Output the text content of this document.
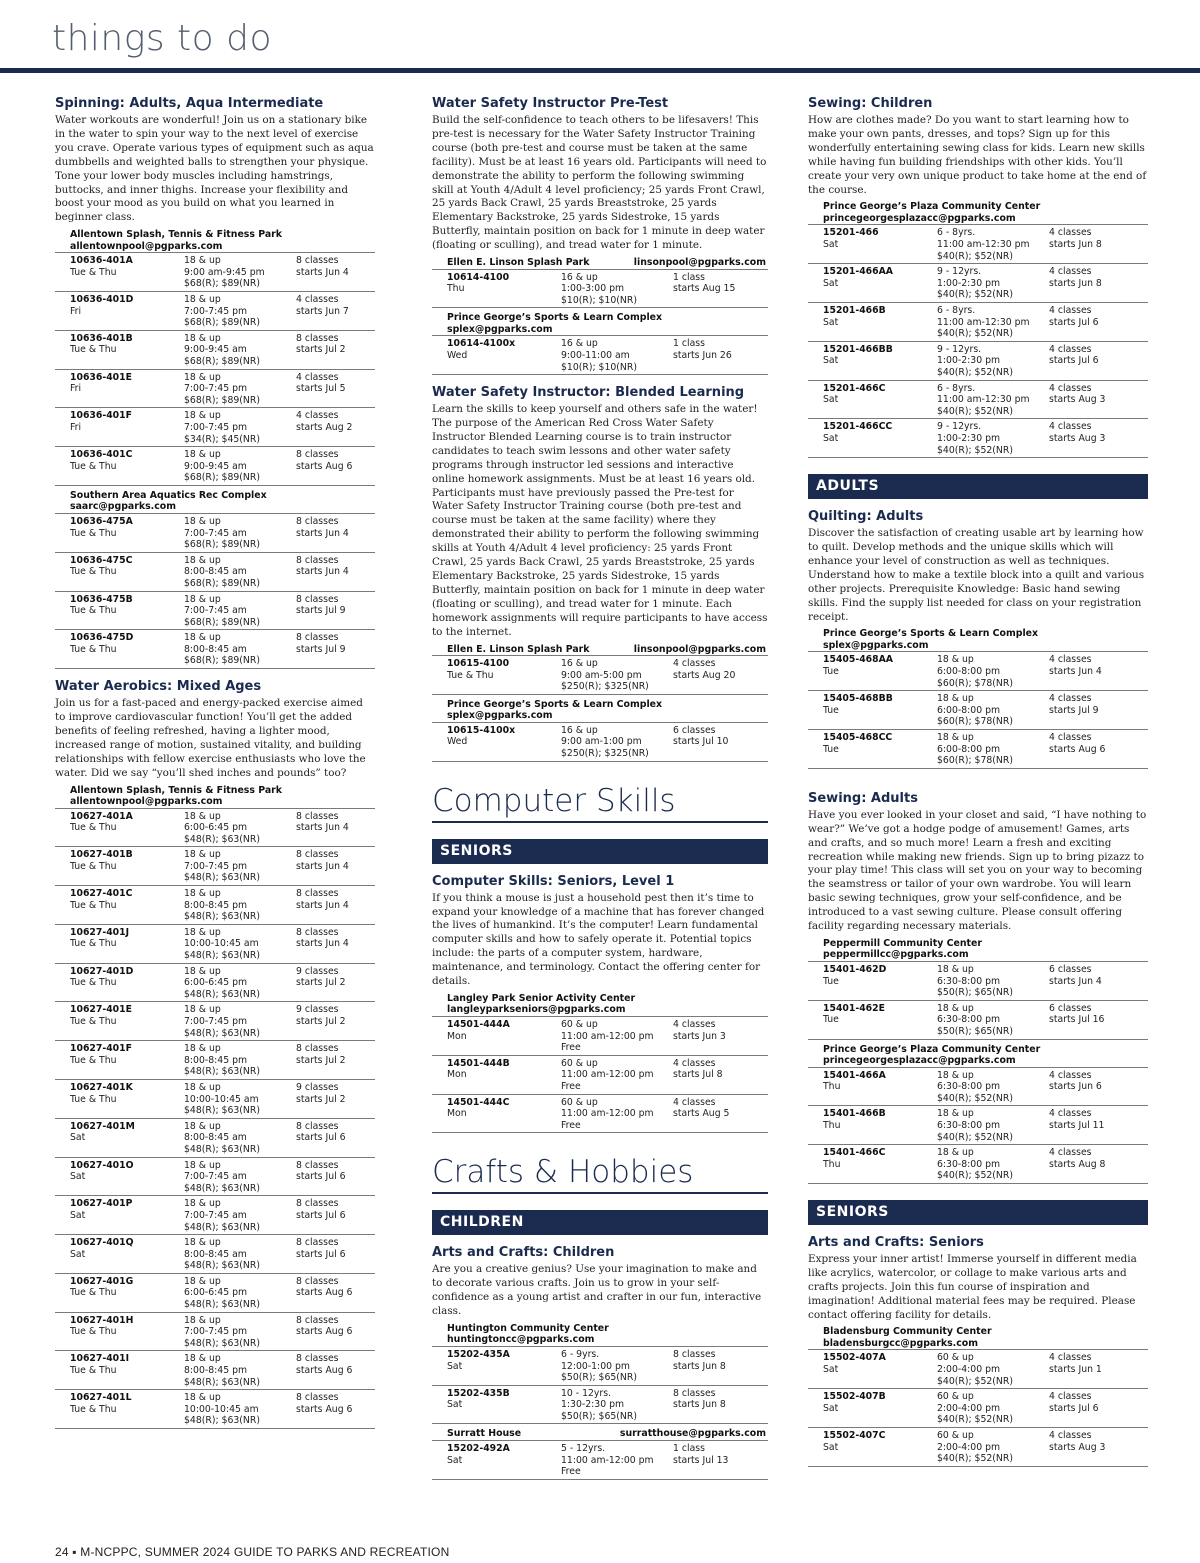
things to do
Spinning: Adults, Aqua Intermediate
Water workouts are wonderful! Join us on a stationary bike in the water to spin your way to the next level of exercise you crave. Operate various types of equipment such as aqua dumbbells and weighted balls to strengthen your physique. Tone your lower body muscles including hamstrings, buttocks, and inner thighs. Increase your flexibility and boost your mood as you build on what you learned in beginner class.
Allentown Splash, Tennis & Fitness Park
allentownpool@pgparks.com
10636-401A	18 & up	8 classes
Tue & Thu	9:00 am-9:45 pm	starts Jun 4
$68(R); $89(NR)
10636-401D	18 & up	4 classes
Fri	7:00-7:45 pm	starts Jun 7
$68(R); $89(NR)
10636-401B	18 & up	8 classes
Tue & Thu	9:00-9:45 am	starts Jul 2
$68(R); $89(NR)
10636-401E	18 & up	4 classes
Fri	7:00-7:45 pm	starts Jul 5
$68(R); $89(NR)
10636-401F	18 & up	4 classes
Fri	7:00-7:45 pm	starts Aug 2
$34(R); $45(NR)
10636-401C	18 & up	8 classes
Tue & Thu	9:00-9:45 am	starts Aug 6
$68(R); $89(NR)
Southern Area Aquatics Rec Complex
saarc@pgparks.com
10636-475A	18 & up	8 classes
Tue & Thu	7:00-7:45 am	starts Jun 4
$68(R); $89(NR)
10636-475C	18 & up	8 classes
Tue & Thu	8:00-8:45 am	starts Jun 4
$68(R); $89(NR)
10636-475B	18 & up	8 classes
Tue & Thu	7:00-7:45 am	starts Jul 9
$68(R); $89(NR)
10636-475D	18 & up	8 classes
Tue & Thu	8:00-8:45 am	starts Jul 9
$68(R); $89(NR)
Water Aerobics: Mixed Ages
Join us for a fast-paced and energy-packed exercise aimed to improve cardiovascular function! You’ll get the added benefits of feeling refreshed, having a lighter mood, increased range of motion, sustained vitality, and building relationships with fellow exercise enthusiasts who love the water. Did we say “you’ll shed inches and pounds” too?
Allentown Splash, Tennis & Fitness Park
allentownpool@pgparks.com
10627-401A	18 & up	8 classes
Tue & Thu	6:00-6:45 pm	starts Jun 4
$48(R); $63(NR)
10627-401B	18 & up	8 classes
Tue & Thu	7:00-7:45 pm	starts Jun 4
$48(R); $63(NR)
10627-401C	18 & up	8 classes
Tue & Thu	8:00-8:45 pm	starts Jun 4
$48(R); $63(NR)
10627-401J	18 & up	8 classes
Tue & Thu	10:00-10:45 am	starts Jun 4
$48(R); $63(NR)
10627-401D	18 & up	9 classes
Tue & Thu	6:00-6:45 pm	starts Jul 2
$48(R); $63(NR)
10627-401E	18 & up	9 classes
Tue & Thu	7:00-7:45 pm	starts Jul 2
$48(R); $63(NR)
10627-401F	18 & up	8 classes
Tue & Thu	8:00-8:45 pm	starts Jul 2
$48(R); $63(NR)
10627-401K	18 & up	9 classes
Tue & Thu	10:00-10:45 am	starts Jul 2
$48(R); $63(NR)
10627-401M	18 & up	8 classes
Sat	8:00-8:45 am	starts Jul 6
$48(R); $63(NR)
10627-401O	18 & up	8 classes
Sat	7:00-7:45 am	starts Jul 6
$48(R); $63(NR)
10627-401P	18 & up	8 classes
Sat	7:00-7:45 am	starts Jul 6
$48(R); $63(NR)
10627-401Q	18 & up	8 classes
Sat	8:00-8:45 am	starts Jul 6
$48(R); $63(NR)
10627-401G	18 & up	8 classes
Tue & Thu	6:00-6:45 pm	starts Aug 6
$48(R); $63(NR)
10627-401H	18 & up	8 classes
Tue & Thu	7:00-7:45 pm	starts Aug 6
$48(R); $63(NR)
10627-401I	18 & up	8 classes
Tue & Thu	8:00-8:45 pm	starts Aug 6
$48(R); $63(NR)
10627-401L	18 & up	8 classes
Tue & Thu	10:00-10:45 am	starts Aug 6
$48(R); $63(NR)
Water Safety Instructor Pre-Test
Build the self-confidence to teach others to be lifesavers! This pre-test is necessary for the Water Safety Instructor Training course (both pre-test and course must be taken at the same facility). Must be at least 16 years old. Participants will need to demonstrate the ability to perform the following swimming skill at Youth 4/Adult 4 level proficiency; 25 yards Front Crawl, 25 yards Back Crawl, 25 yards Breaststroke, 25 yards Elementary Backstroke, 25 yards Sidestroke, 15 yards Butterfly, maintain position on back for 1 minute in deep water (floating or sculling), and tread water for 1 minute.
Ellen E. Linson Splash Park	linsonpool@pgparks.com
10614-4100	16 & up	1 class
Thu	1:00-3:00 pm	starts Aug 15
$10(R); $10(NR)
Prince George’s Sports & Learn Complex
splex@pgparks.com
10614-4100x	16 & up	1 class
Wed	9:00-11:00 am	starts Jun 26
$10(R); $10(NR)
Water Safety Instructor: Blended Learning
Learn the skills to keep yourself and others safe in the water! The purpose of the American Red Cross Water Safety Instructor Blended Learning course is to train instructor candidates to teach swim lessons and other water safety programs through instructor led sessions and interactive online homework assignments. Must be at least 16 years old. Participants must have previously passed the Pre-test for Water Safety Instructor Training course (both pre-test and course must be taken at the same facility) where they demonstrated their ability to perform the following swimming skills at Youth 4/Adult 4 level proficiency: 25 yards Front Crawl, 25 yards Back Crawl, 25 yards Breaststroke, 25 yards Elementary Backstroke, 25 yards Sidestroke, 15 yards Butterfly, maintain position on back for 1 minute in deep water (floating or sculling), and tread water for 1 minute. Each homework assignments will require participants to have access to the internet.
Ellen E. Linson Splash Park	linsonpool@pgparks.com
10615-4100	16 & up	4 classes
Tue & Thu	9:00 am-5:00 pm	starts Aug 20
$250(R); $325(NR)
Prince George’s Sports & Learn Complex
splex@pgparks.com
10615-4100x	16 & up	6 classes
Wed	9:00 am-1:00 pm	starts Jul 10
$250(R); $325(NR)
Computer Skills
SENIORS
Computer Skills: Seniors, Level 1
If you think a mouse is just a household pest then it’s time to expand your knowledge of a machine that has forever changed the lives of humankind. It’s the computer! Learn fundamental computer skills and how to safely operate it. Potential topics include: the parts of a computer system, hardware, maintenance, and terminology. Contact the offering center for details.
Langley Park Senior Activity Center
langleyparkseniors@pgparks.com
14501-444A	60 & up	4 classes
Mon	11:00 am-12:00 pm	starts Jun 3
Free
14501-444B	60 & up	4 classes
Mon	11:00 am-12:00 pm	starts Jul 8
Free
14501-444C	60 & up	4 classes
Mon	11:00 am-12:00 pm	starts Aug 5
Free
Crafts & Hobbies
CHILDREN
Arts and Crafts: Children
Are you a creative genius? Use your imagination to make and to decorate various crafts. Join us to grow in your self-confidence as a young artist and crafter in our fun, interactive class.
Huntington Community Center
huntingtoncc@pgparks.com
15202-435A	6 - 9yrs.	8 classes
Sat	12:00-1:00 pm	starts Jun 8
$50(R); $65(NR)
15202-435B	10 - 12yrs.	8 classes
Sat	1:30-2:30 pm	starts Jun 8
$50(R); $65(NR)
Surratt House	surratthouse@pgparks.com
15202-492A	5 - 12yrs.	1 class
Sat	11:00 am-12:00 pm	starts Jul 13
Free
Sewing: Children
How are clothes made? Do you want to start learning how to make your own pants, dresses, and tops? Sign up for this wonderfully entertaining sewing class for kids. Learn new skills while having fun building friendships with other kids. You’ll create your very own unique product to take home at the end of the course.
Prince George’s Plaza Community Center
princegeorgesplazacc@pgparks.com
15201-466	6 - 8yrs.	4 classes
Sat	11:00 am-12:30 pm	starts Jun 8
$40(R); $52(NR)
15201-466AA	9 - 12yrs.	4 classes
Sat	1:00-2:30 pm	starts Jun 8
$40(R); $52(NR)
15201-466B	6 - 8yrs.	4 classes
Sat	11:00 am-12:30 pm	starts Jul 6
$40(R); $52(NR)
15201-466BB	9 - 12yrs.	4 classes
Sat	1:00-2:30 pm	starts Jul 6
$40(R); $52(NR)
15201-466C	6 - 8yrs.	4 classes
Sat	11:00 am-12:30 pm	starts Aug 3
$40(R); $52(NR)
15201-466CC	9 - 12yrs.	4 classes
Sat	1:00-2:30 pm	starts Aug 3
$40(R); $52(NR)
ADULTS
Quilting: Adults
Discover the satisfaction of creating usable art by learning how to quilt. Develop methods and the unique skills which will enhance your level of construction as well as techniques. Understand how to make a textile block into a quilt and various other projects. Prerequisite Knowledge: Basic hand sewing skills. Find the supply list needed for class on your registration receipt.
Prince George’s Sports & Learn Complex
splex@pgparks.com
15405-468AA	18 & up	4 classes
Tue	6:00-8:00 pm	starts Jun 4
$60(R); $78(NR)
15405-468BB	18 & up	4 classes
Tue	6:00-8:00 pm	starts Jul 9
$60(R); $78(NR)
15405-468CC	18 & up	4 classes
Tue	6:00-8:00 pm	starts Aug 6
$60(R); $78(NR)
Sewing: Adults
Have you ever looked in your closet and said, “I have nothing to wear?” We’ve got a hodge podge of amusement! Games, arts and crafts, and so much more! Learn a fresh and exciting recreation while making new friends. Sign up to bring pizazz to your play time! This class will set you on your way to becoming the seamstress or tailor of your own wardrobe. You will learn basic sewing techniques, grow your self-confidence, and be introduced to a vast sewing culture. Please consult offering facility regarding necessary materials.
Peppermill Community Center
peppermillcc@pgparks.com
15401-462D	18 & up	6 classes
Tue	6:30-8:00 pm	starts Jun 4
$50(R); $65(NR)
15401-462E	18 & up	6 classes
Tue	6:30-8:00 pm	starts Jul 16
$50(R); $65(NR)
Prince George’s Plaza Community Center
princegeorgesplazacc@pgparks.com
15401-466A	18 & up	4 classes
Thu	6:30-8:00 pm	starts Jun 6
$40(R); $52(NR)
15401-466B	18 & up	4 classes
Thu	6:30-8:00 pm	starts Jul 11
$40(R); $52(NR)
15401-466C	18 & up	4 classes
Thu	6:30-8:00 pm	starts Aug 8
$40(R); $52(NR)
SENIORS
Arts and Crafts: Seniors
Express your inner artist! Immerse yourself in different media like acrylics, watercolor, or collage to make various arts and crafts projects. Join this fun course of inspiration and imagination! Additional material fees may be required. Please contact offering facility for details.
Bladensburg Community Center
bladensburgcc@pgparks.com
15502-407A	60 & up	4 classes
Sat	2:00-4:00 pm	starts Jun 1
$40(R); $52(NR)
15502-407B	60 & up	4 classes
Sat	2:00-4:00 pm	starts Jul 6
$40(R); $52(NR)
15502-407C	60 & up	4 classes
Sat	2:00-4:00 pm	starts Aug 3
$40(R); $52(NR)
24 ▪ M-NCPPC, SUMMER 2024 GUIDE TO PARKS AND RECREATION
